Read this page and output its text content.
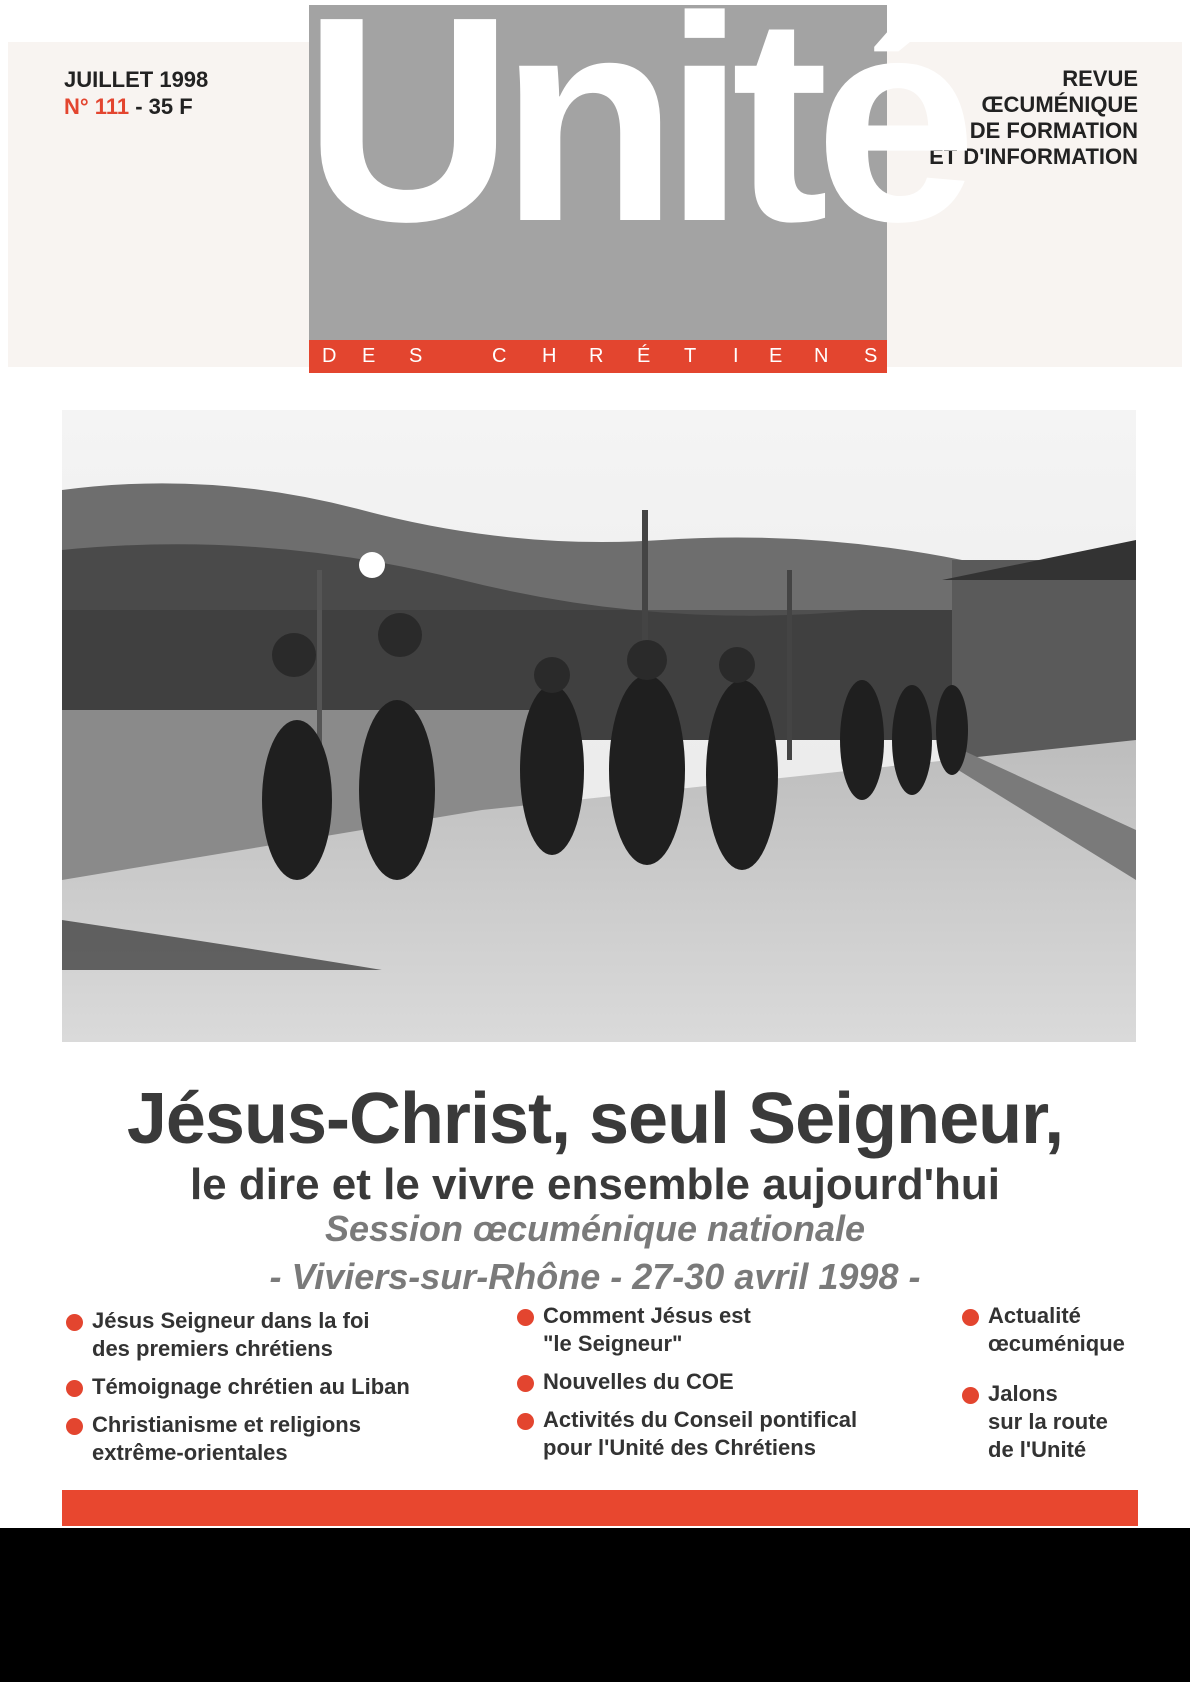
JUILLET 1998
N° 111 - 35 F
REVUE
ŒCUMÉNIQUE
DE FORMATION
ET D'INFORMATION
Unité
D E S	C H R É T I E N S
Jésus-Christ, seul Seigneur,
le dire et le vivre ensemble aujourd'hui
Session œcuménique nationale
- Viviers-sur-Rhône - 27-30 avril 1998 -
Jésus Seigneur dans la foi
des premiers chrétiens
Témoignage chrétien au Liban
Christianisme et religions
extrême-orientales
Comment Jésus est
"le Seigneur"
Nouvelles du COE
Activités du Conseil pontifical
pour l'Unité des Chrétiens
Actualité
œcuménique
Jalons
sur la route
de l'Unité
